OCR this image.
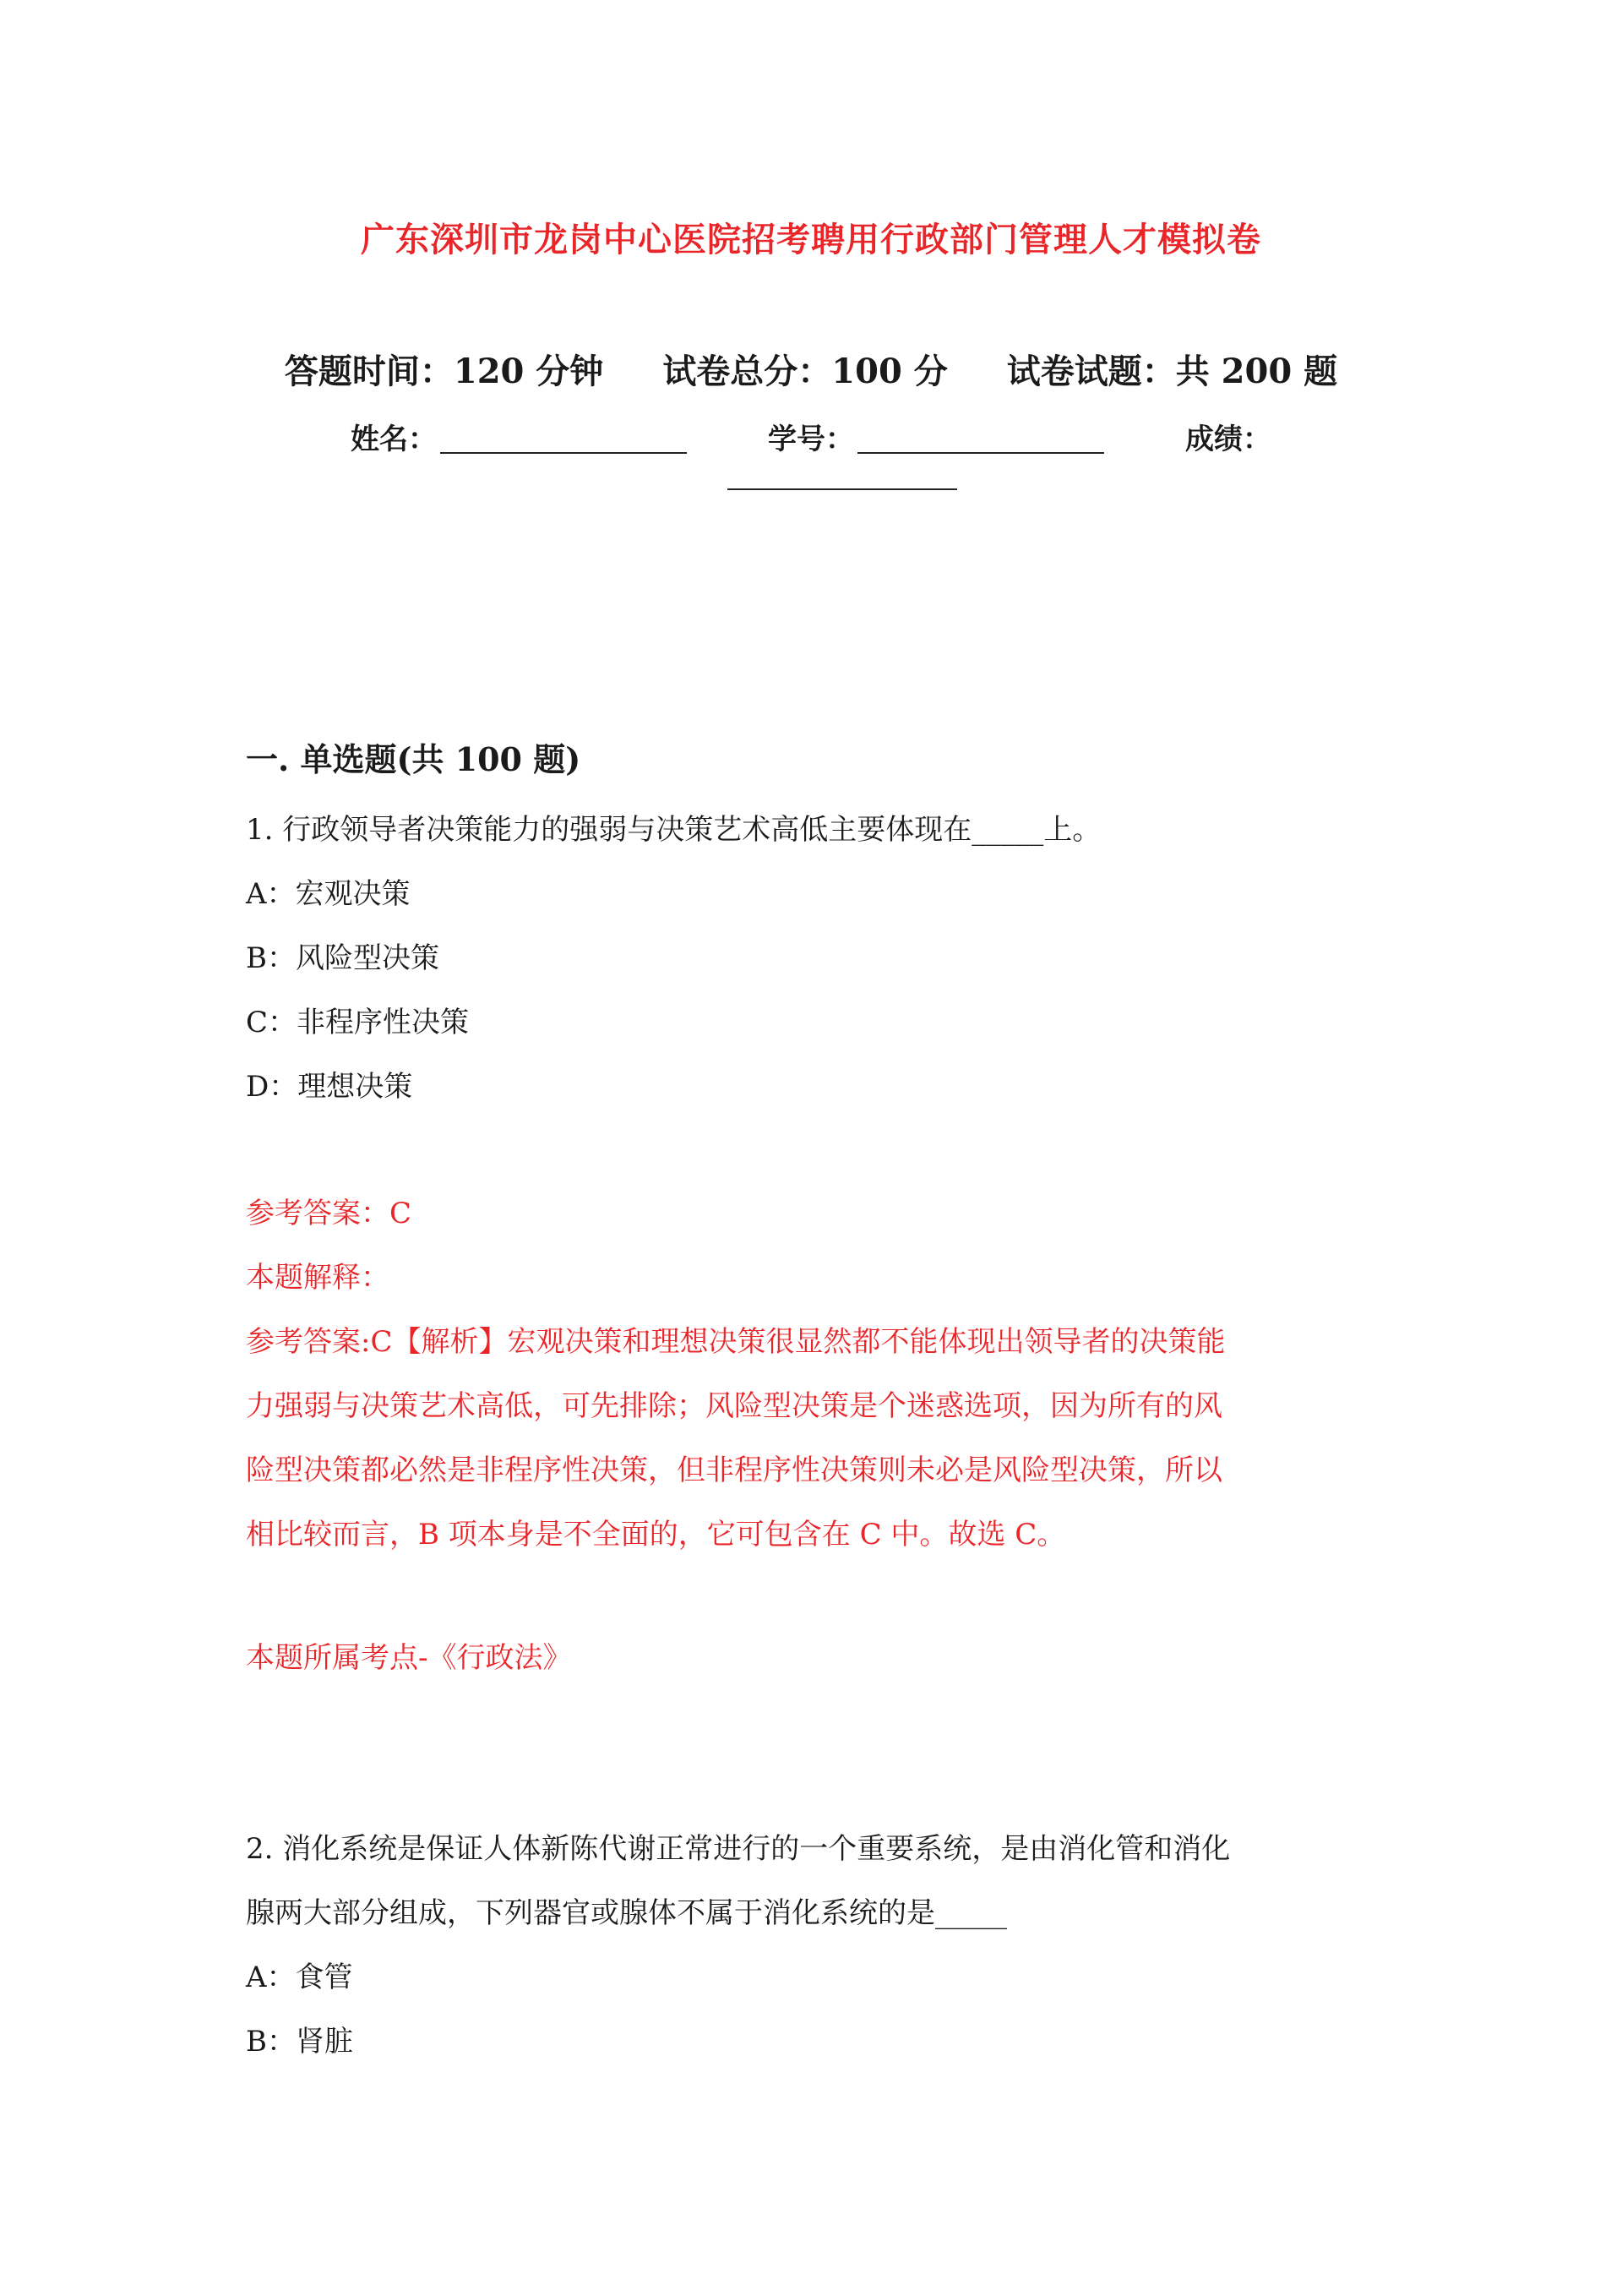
广东深圳市龙岗中心医院招考聘用行政部门管理人才模拟卷
答题时间：120 分钟 试卷总分：100 分 试卷试题：共 200 题
姓名：	学号：	成绩：
一. 单选题(共 100 题)
1. 行政领导者决策能力的强弱与决策艺术高低主要体现在_____上。
A：宏观决策
B：风险型决策
C：非程序性决策
D：理想决策
参考答案：C
本题解释：
参考答案:C【解析】宏观决策和理想决策很显然都不能体现出领导者的决策能
力强弱与决策艺术高低，可先排除；风险型决策是个迷惑选项，因为所有的风
险型决策都必然是非程序性决策，但非程序性决策则未必是风险型决策，所以
相比较而言，B 项本身是不全面的，它可包含在 C 中。故选 C。
本题所属考点-《行政法》
2. 消化系统是保证人体新陈代谢正常进行的一个重要系统，是由消化管和消化
腺两大部分组成，下列器官或腺体不属于消化系统的是_____
A：食管
B：肾脏
